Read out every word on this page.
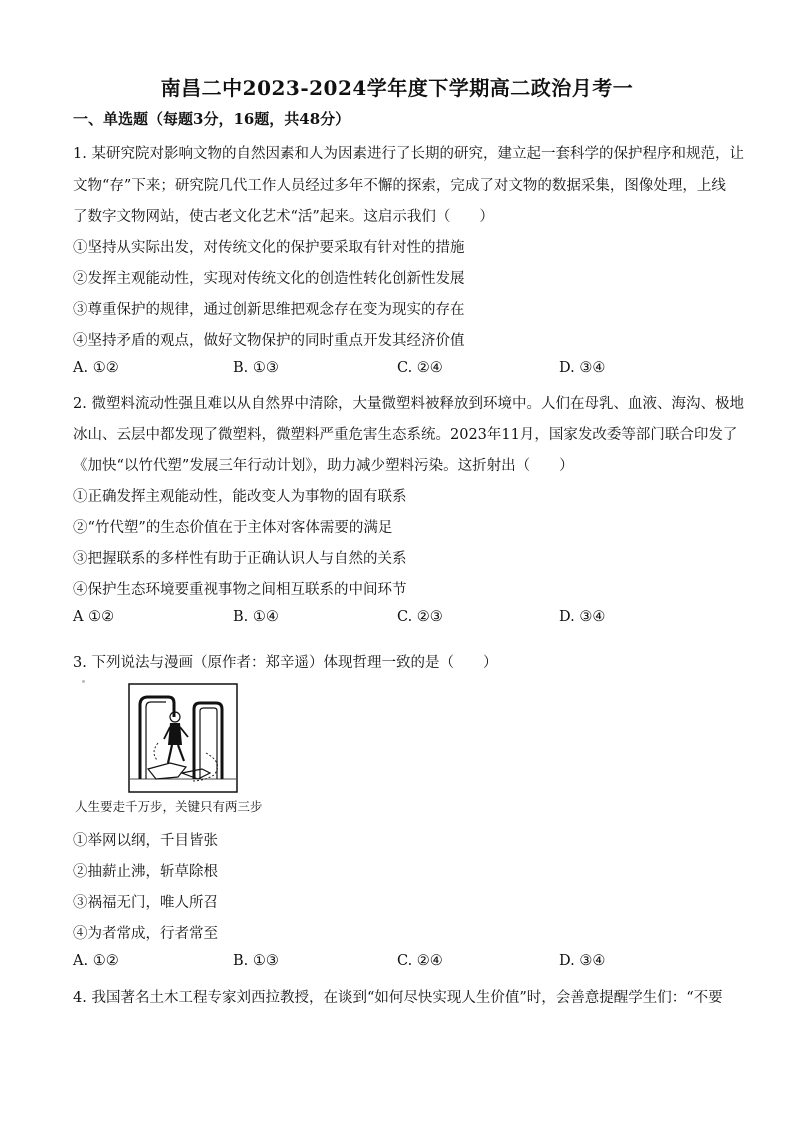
南昌二中2023-2024学年度下学期高二政治月考一
一、单选题（每题3分，16题，共48分）
1. 某研究院对影响文物的自然因素和人为因素进行了长期的研究，建立起一套科学的保护程序和规范，让
文物“存”下来；研究院几代工作人员经过多年不懈的探索，完成了对文物的数据采集，图像处理，上线
了数字文物网站，使古老文化艺术“活”起来。这启示我们（　　）
①坚持从实际出发，对传统文化的保护要采取有针对性的措施
②发挥主观能动性，实现对传统文化的创造性转化创新性发展
③尊重保护的规律，通过创新思维把观念存在变为现实的存在
④坚持矛盾的观点，做好文物保护的同时重点开发其经济价值
A. ①②	B. ①③	C. ②④	D. ③④
2. 微塑料流动性强且难以从自然界中清除，大量微塑料被释放到环境中。人们在母乳、血液、海沟、极地
冰山、云层中都发现了微塑料，微塑料严重危害生态系统。2023年11月，国家发改委等部门联合印发了
《加快“以竹代塑”发展三年行动计划》，助力减少塑料污染。这折射出（　　）
①正确发挥主观能动性，能改变人为事物的固有联系
②“竹代塑”的生态价值在于主体对客体需要的满足
③把握联系的多样性有助于正确认识人与自然的关系
④保护生态环境要重视事物之间相互联系的中间环节
A ①②	B. ①④	C. ②③	D. ③④
3. 下列说法与漫画（原作者：郑辛遥）体现哲理一致的是（　　）
人生要走千万步，关键只有两三步
①举网以纲，千目皆张
②抽薪止沸，斩草除根
③祸福无门，唯人所召
④为者常成，行者常至
A. ①②	B. ①③	C. ②④	D. ③④
4. 我国著名土木工程专家刘西拉教授，在谈到“如何尽快实现人生价值”时，会善意提醒学生们：“不要
